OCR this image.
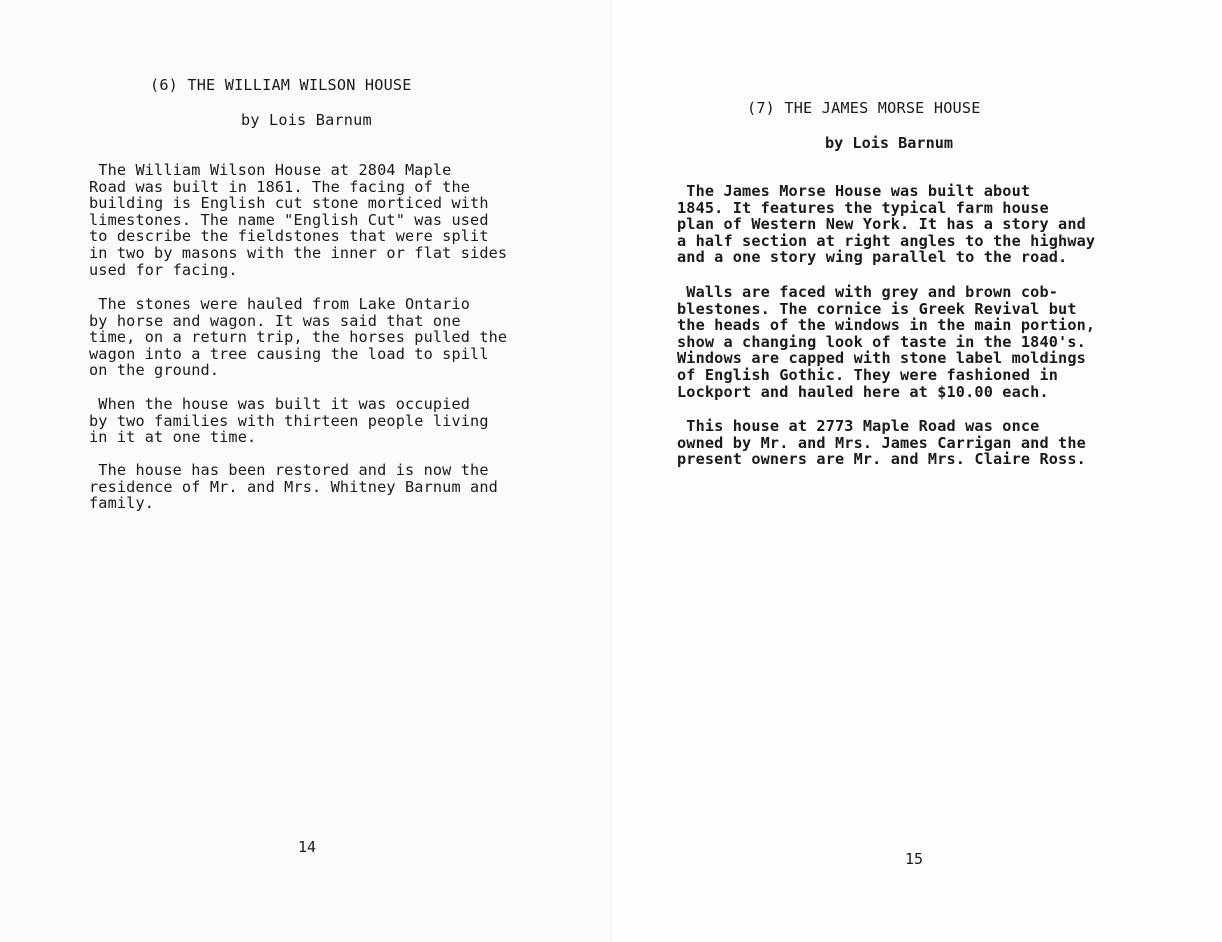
(6) THE WILLIAM WILSON HOUSE
by Lois Barnum
The William Wilson House at 2804 Maple
Road was built in 1861. The facing of the
building is English cut stone morticed with
limestones. The name "English Cut" was used
to describe the fieldstones that were split
in two by masons with the inner or flat sides
used for facing.
The stones were hauled from Lake Ontario
by horse and wagon. It was said that one
time, on a return trip, the horses pulled the
wagon into a tree causing the load to spill
on the ground.
When the house was built it was occupied
by two families with thirteen people living
in it at one time.
The house has been restored and is now the
residence of Mr. and Mrs. Whitney Barnum and
family.
14
(7) THE JAMES MORSE HOUSE
by Lois Barnum
The James Morse House was built about
1845. It features the typical farm house
plan of Western New York. It has a story and
a half section at right angles to the highway
and a one story wing parallel to the road.
Walls are faced with grey and brown cob-
blestones. The cornice is Greek Revival but
the heads of the windows in the main portion,
show a changing look of taste in the 1840's.
Windows are capped with stone label moldings
of English Gothic. They were fashioned in
Lockport and hauled here at $10.00 each.
This house at 2773 Maple Road was once
owned by Mr. and Mrs. James Carrigan and the
present owners are Mr. and Mrs. Claire Ross.
15
